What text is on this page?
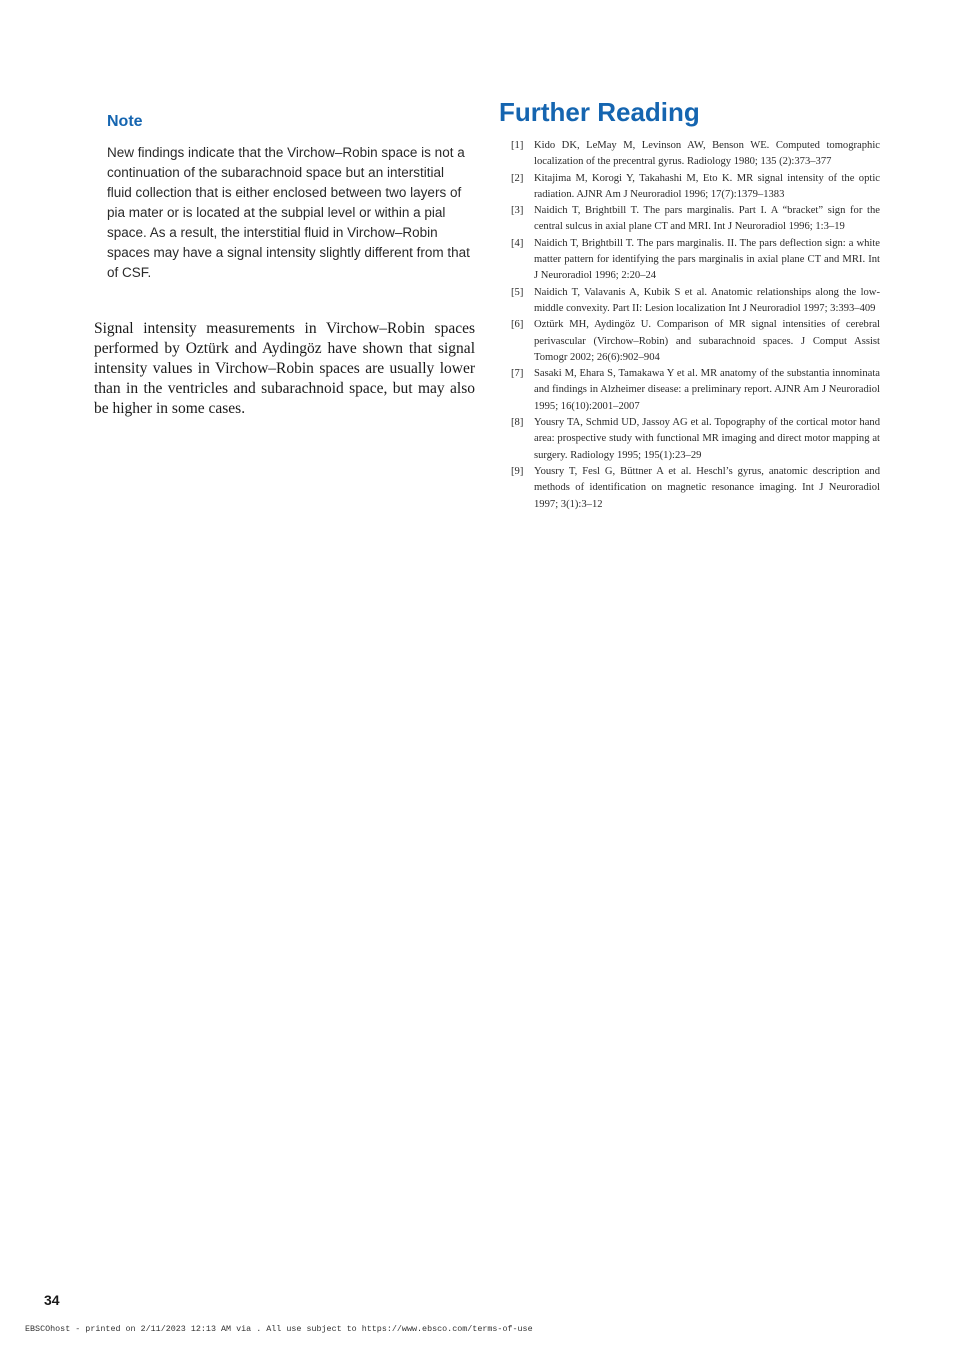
Note

New findings indicate that the Virchow–Robin space is not a continuation of the subarachnoid space but an interstitial fluid collection that is either enclosed between two layers of pia mater or is located at the subpial level or within a pial space. As a result, the interstitial fluid in Virchow–Robin spaces may have a signal intensity slightly different from that of CSF.

Signal intensity measurements in Virchow–Robin spaces performed by Oztürk and Aydingöz have shown that signal intensity values in Virchow–Robin spaces are usually lower than in the ventricles and subarachnoid space, but may also be higher in some cases.

Further Reading
[1]	Kido DK, LeMay M, Levinson AW, Benson WE. Computed tomographic localization of the precentral gyrus. Radiology 1980; 135 (2):373–377
[2]	Kitajima M, Korogi Y, Takahashi M, Eto K. MR signal intensity of the optic radiation. AJNR Am J Neuroradiol 1996; 17(7):1379–1383
[3]	Naidich T, Brightbill T. The pars marginalis. Part I. A “bracket” sign for the central sulcus in axial plane CT and MRI. Int J Neuroradiol 1996; 1:3–19
[4]	Naidich T, Brightbill T. The pars marginalis. II. The pars deflection sign: a white matter pattern for identifying the pars marginalis in axial plane CT and MRI. Int J Neuroradiol 1996; 2:20–24
[5]	Naidich T, Valavanis A, Kubik S et al. Anatomic relationships along the low-middle convexity. Part II: Lesion localization Int J Neuroradiol 1997; 3:393–409
[6]	Oztürk MH, Aydingöz U. Comparison of MR signal intensities of cerebral perivascular (Virchow–Robin) and subarachnoid spaces. J Comput Assist Tomogr 2002; 26(6):902–904
[7]	Sasaki M, Ehara S, Tamakawa Y et al. MR anatomy of the substantia innominata and findings in Alzheimer disease: a preliminary report. AJNR Am J Neuroradiol 1995; 16(10):2001–2007
[8]	Yousry TA, Schmid UD, Jassoy AG et al. Topography of the cortical motor hand area: prospective study with functional MR imaging and direct motor mapping at surgery. Radiology 1995; 195(1):23–29
[9]	Yousry T, Fesl G, Büttner A et al. Heschl’s gyrus, anatomic description and methods of identification on magnetic resonance imaging. Int J Neuroradiol 1997; 3(1):3–12
34
EBSCOhost - printed on 2/11/2023 12:13 AM via . All use subject to https://www.ebsco.com/terms-of-use
